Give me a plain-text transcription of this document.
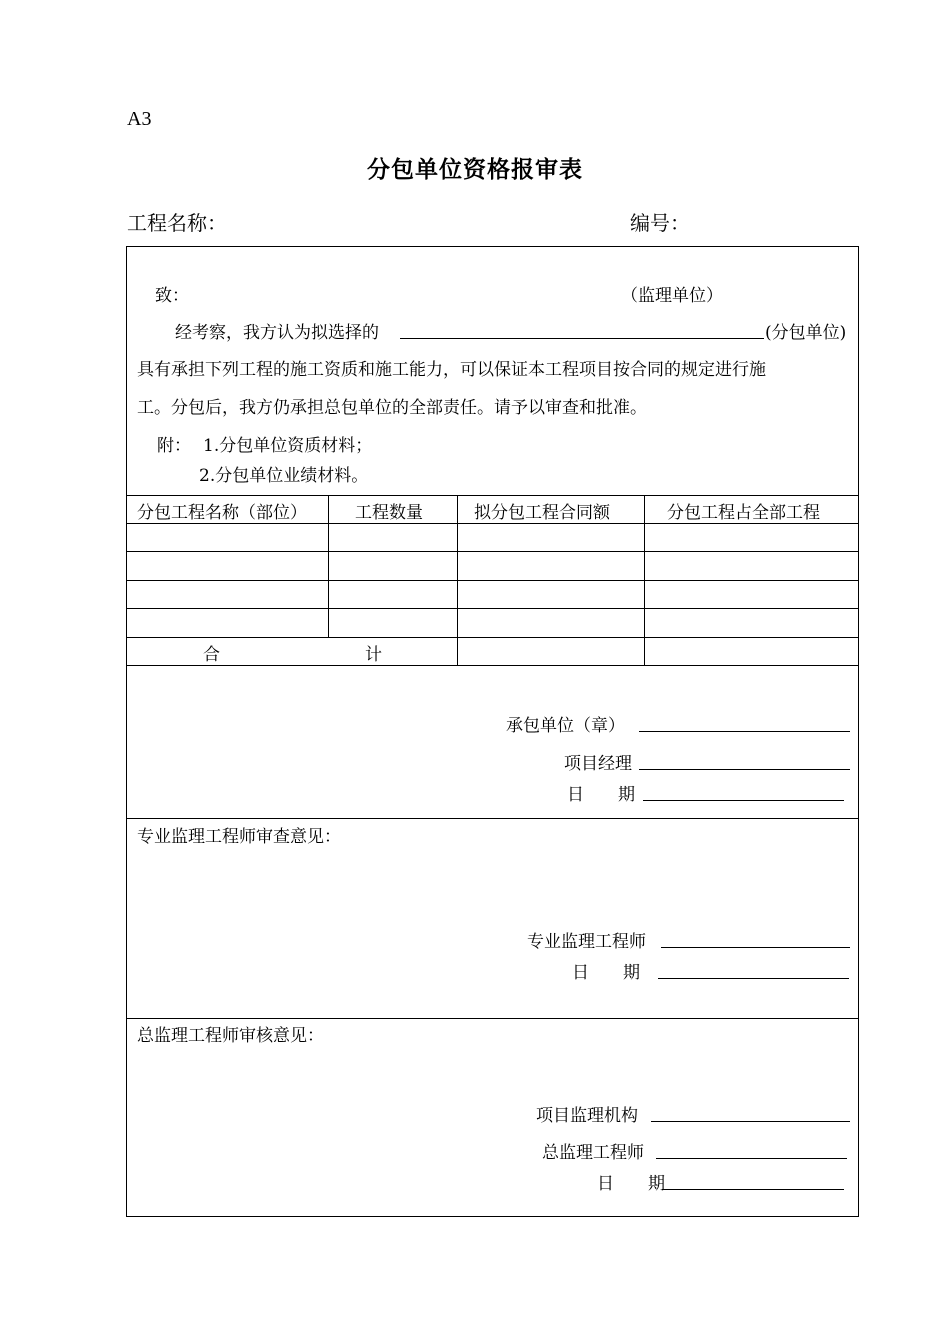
A3
分包单位资格报审表
工程名称：	编号：
致：	（监理单位）
经考察，我方认为拟选择的	(分包单位)
具有承担下列工程的施工资质和施工能力，可以保证本工程项目按合同的规定进行施
工。分包后，我方仍承担总包单位的全部责任。请予以审查和批准。
附： 1.分包单位资质材料；
2.分包单位业绩材料。
分包工程名称（部位）	工程数量	拟分包工程合同额	分包工程占全部工程
合	计
承包单位（章）
项目经理
日　　期
专业监理工程师审查意见：
专业监理工程师
日　　期
总监理工程师审核意见：
项目监理机构
总监理工程师
日　　期
